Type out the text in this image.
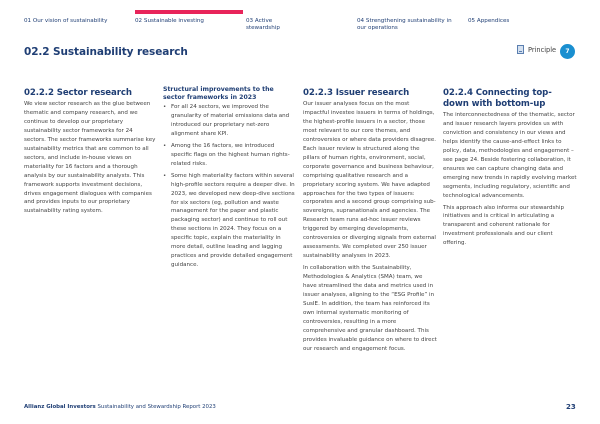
01 Our vision of sustainability	02 Sustainable investing	03 Active stewardship
04 Strengthening sustainability in our operations
05 Appendices
02.2 Sustainability research	Principle	7
02.2.2 Sector research

We view sector research as the glue between thematic and company research, and we continue to develop our proprietary sustainability sector frameworks for 24 sectors. The sector frameworks summarise key sustainability metrics that are common to all sectors, and include in-house views on materiality for 16 factors and a thorough analysis by our sustainability analysts. This framework supports investment decisions, drives engagement dialogues with companies and provides inputs to our proprietary sustainability rating system.

Structural improvements to the sector frameworks in 2023
• For all 24 sectors, we improved the granularity of material emissions data and introduced our proprietary net-zero alignment share KPI.
• Among the 16 factors, we introduced specific flags on the highest human rights-related risks.
• Some high materiality factors within several high-profile sectors require a deeper dive. In 2023, we developed new deep-dive sections for six sectors (eg, pollution and waste management for the paper and plastic packaging sector) and continue to roll out these sections in 2024. They focus on a specific topic, explain the materiality in more detail, outline leading and lagging practices and provide detailed engagement guidance.
02.2.3 Issuer research

Our issuer analyses focus on the most impactful investee issuers in terms of holdings, the highest-profile issuers in a sector, those most relevant to our core themes, and controversies or where data providers disagree. Each issuer review is structured along the pillars of human rights, environment, social, corporate governance and business behaviour, comprising qualitative research and a proprietary scoring system. We have adapted approaches for the two types of issuers: corporates and a second group comprising sub-sovereigns, supranationals and agencies. The Research team runs ad-hoc issuer reviews triggered by emerging developments, controversies or diverging signals from external assessments. We completed over 250 issuer sustainability analyses in 2023.

In collaboration with the Sustainability, Methodologies & Analytics (SMA) team, we have streamlined the data and metrics used in issuer analyses, aligning to the “ESG Profile” in SusIE. In addition, the team has reinforced its own internal systematic monitoring of controversies, resulting in a more comprehensive and granular dashboard. This provides invaluable guidance on where to direct our research and engagement focus.

02.2.4 Connecting top-down with bottom-up

The interconnectedness of the thematic, sector and issuer research layers provides us with conviction and consistency in our views and helps identify the cause-and-effect links to policy, data, methodologies and engagement – see page 24. Beside fostering collaboration, it ensures we can capture changing data and emerging new trends in rapidly evolving market segments, including regulatory, scientific and technological advancements.

This approach also informs our stewardship initiatives and is critical in articulating a transparent and coherent rationale for investment professionals and our client offering.

Allianz Global Investors Sustainability and Stewardship Report 2023	23
